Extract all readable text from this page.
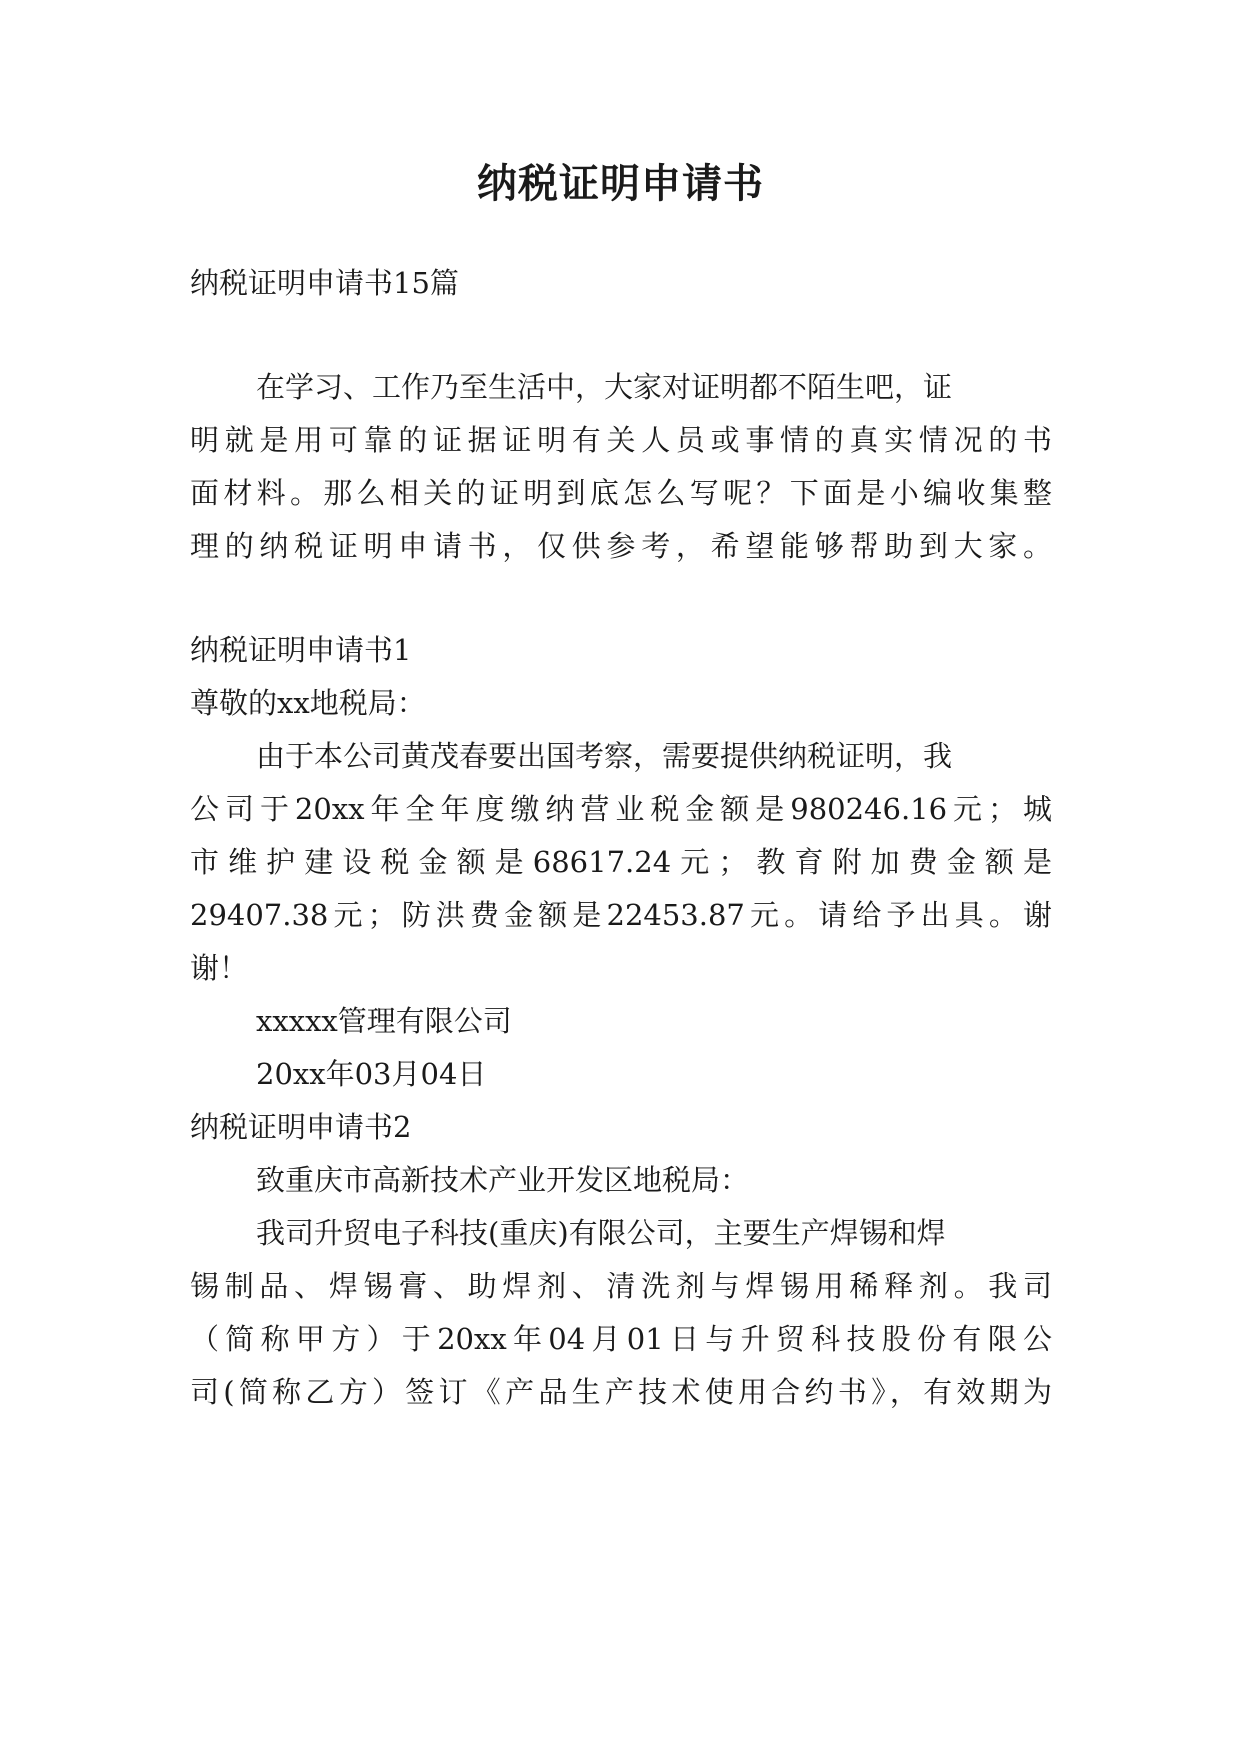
纳税证明申请书
纳税证明申请书15篇
在学习、工作乃至生活中，大家对证明都不陌生吧，证
明就是用可靠的证据证明有关人员或事情的真实情况的书
面材料。那么相关的证明到底怎么写呢？下面是小编收集整
理的纳税证明申请书，仅供参考，希望能够帮助到大家。
纳税证明申请书1
尊敬的xx地税局：
由于本公司黄茂春要出国考察，需要提供纳税证明，我
公司于20xx年全年度缴纳营业税金额是980246.16元；城
市维护建设税金额是68617.24元；教育附加费金额是
29407.38元；防洪费金额是22453.87元。请给予出具。谢
谢！
xxxxx管理有限公司
20xx年03月04日
纳税证明申请书2
致重庆市高新技术产业开发区地税局：
我司升贸电子科技(重庆)有限公司，主要生产焊锡和焊
锡制品、焊锡膏、助焊剂、清洗剂与焊锡用稀释剂。我司
（简称甲方）于20xx年04月01日与升贸科技股份有限公
司(简称乙方）签订《产品生产技术使用合约书》，有效期为
